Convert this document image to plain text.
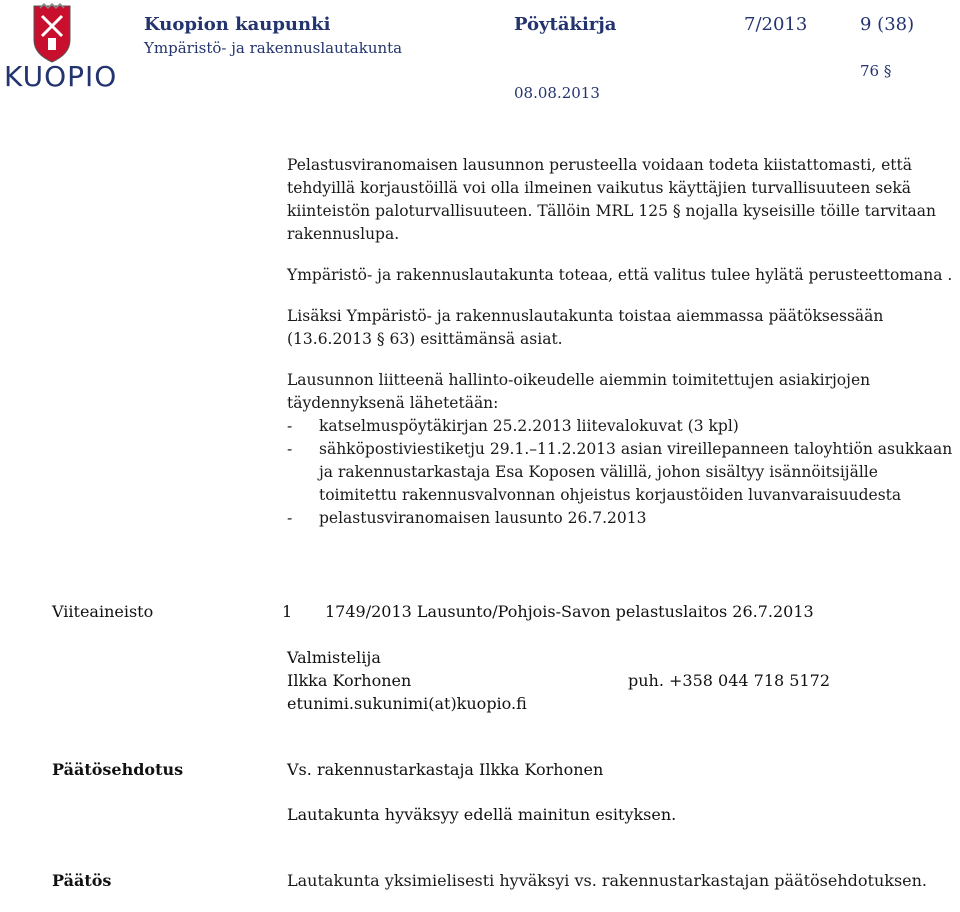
KUOPIO
Kuopion kaupunki
Ympäristö- ja rakennuslautakunta
Pöytäkirja	7/2013	9 (38)
76 §
08.08.2013

Pelastusviranomaisen lausunnon perusteella voidaan todeta kiistattomasti, että tehdyillä korjaustöillä voi olla ilmeinen vaikutus käyttäjien turvallisuuteen sekä kiinteistön paloturvallisuuteen. Tällöin MRL 125 § nojalla kyseisille töille tarvitaan rakennuslupa.

Ympäristö- ja rakennuslautakunta toteaa, että valitus tulee hylätä perusteettomana .

Lisäksi Ympäristö- ja rakennuslautakunta toistaa aiemmassa päätöksessään (13.6.2013 § 63) esittämänsä asiat.

Lausunnon liitteenä hallinto-oikeudelle aiemmin toimitettujen asiakirjojen täydennyksenä lähetetään:

-	katselmuspöytäkirjan 25.2.2013 liitevalokuvat (3 kpl)
-	sähköpostiviestiketju 29.1.–11.2.2013 asian vireillepanneen taloyhtiön asukkaan ja rakennustarkastaja Esa Koposen välillä, johon sisältyy isännöitsijälle toimitettu rakennusvalvonnan ohjeistus korjaustöiden luvanvaraisuudesta
-	pelastusviranomaisen lausunto 26.7.2013
Viiteaineisto	1 1749/2013 Lausunto/Pohjois-Savon pelastuslaitos 26.7.2013
Valmistelija
Ilkka Korhonen	puh. +358 044 718 5172
etunimi.sukunimi(at)kuopio.fi
Päätösehdotus	Vs. rakennustarkastaja Ilkka Korhonen
Lautakunta hyväksyy edellä mainitun esityksen.
Päätös	Lautakunta yksimielisesti hyväksyi vs. rakennustarkastajan päätösehdotuksen.
